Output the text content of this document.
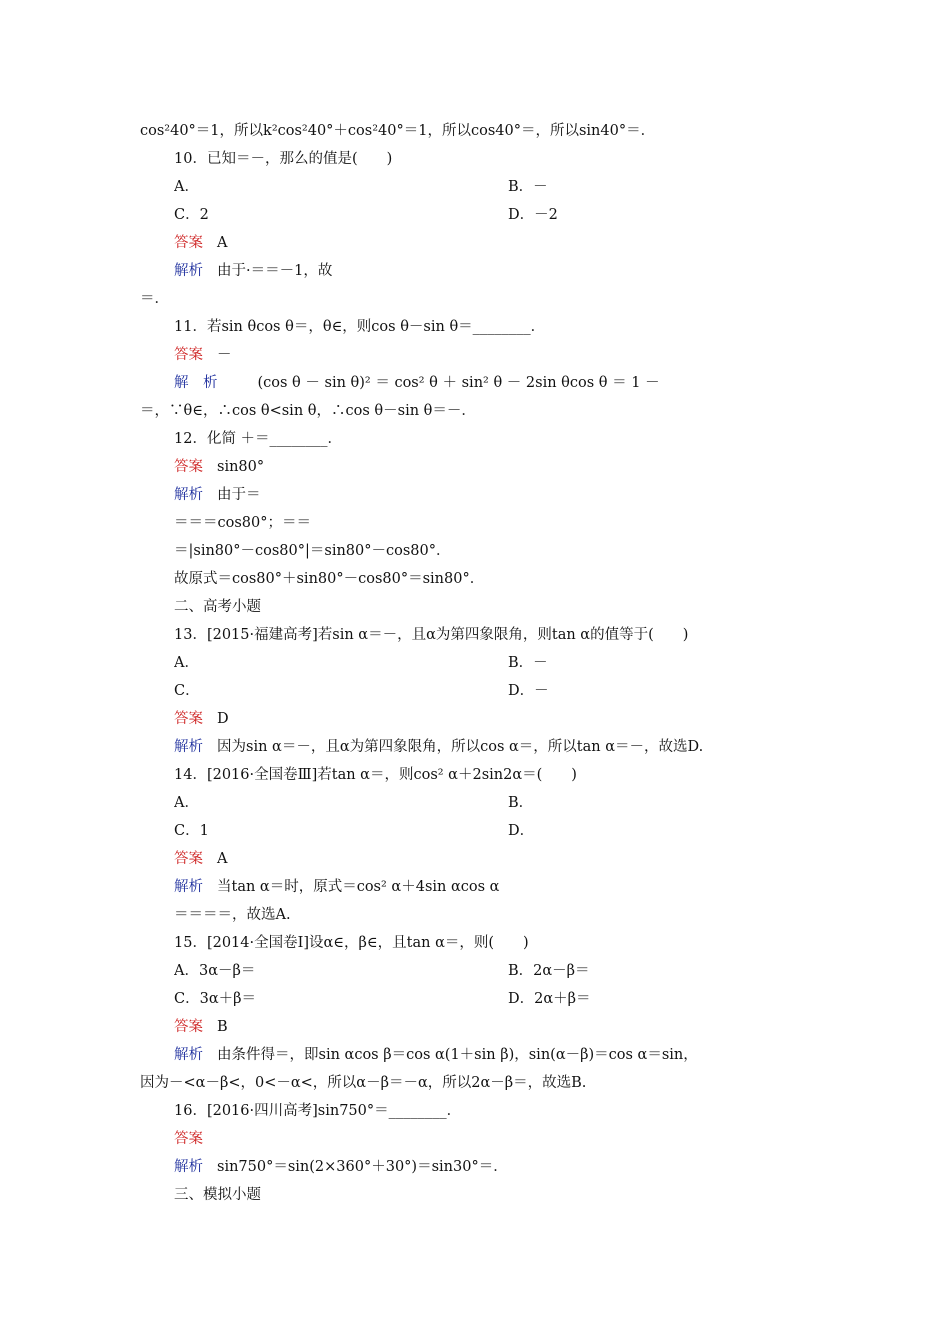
cos²40°＝1，所以k²cos²40°＋cos²40°＝1，所以cos40°＝，所以sin40°＝．
10．已知＝－，那么的值是(　　)
A．	B．－
C．2	D．－2
答案 A
解析 由于·＝＝－1，故
＝．
11．若sin θcos θ＝，θ∈，则cos θ－sin θ＝________．
答案 －
解　析	(cos θ － sin θ)² ＝ cos² θ ＋ sin² θ － 2sin θcos θ ＝ 1 －
＝，∵θ∈，∴cos θ<sin θ，∴cos θ－sin θ＝－．
12．化简 ＋＝________．
答案 sin80°
解析 由于＝
＝＝＝cos80°；＝＝
＝|sin80°－cos80°|＝sin80°－cos80°．
故原式＝cos80°＋sin80°－cos80°＝sin80°．
二、高考小题
13．[2015·福建高考]若sin α＝－，且α为第四象限角，则tan α的值等于(　　)
A．	B．－
C．	D．－
答案 D
解析 因为sin α＝－，且α为第四象限角，所以cos α＝，所以tan α＝－，故选D.
14．[2016·全国卷Ⅲ]若tan α＝，则cos² α＋2sin2α＝(　　)
A．	B．
C．1	D．
答案 A
解析 当tan α＝时，原式＝cos² α＋4sin αcos α
＝＝＝＝，故选A.
15．[2014·全国卷Ⅰ]设α∈，β∈，且tan α＝，则(　　)
A．3α－β＝	B．2α－β＝
C．3α＋β＝	D．2α＋β＝
答案 B
解析 由条件得＝，即sin αcos β＝cos α(1＋sin β)，sin(α－β)＝cos α＝sin，
因为－<α－β<，0<－α<，所以α－β＝－α，所以2α－β＝，故选B.
16．[2016·四川高考]sin750°＝________．
答案
解析 sin750°＝sin(2×360°＋30°)＝sin30°＝．
三、模拟小题
